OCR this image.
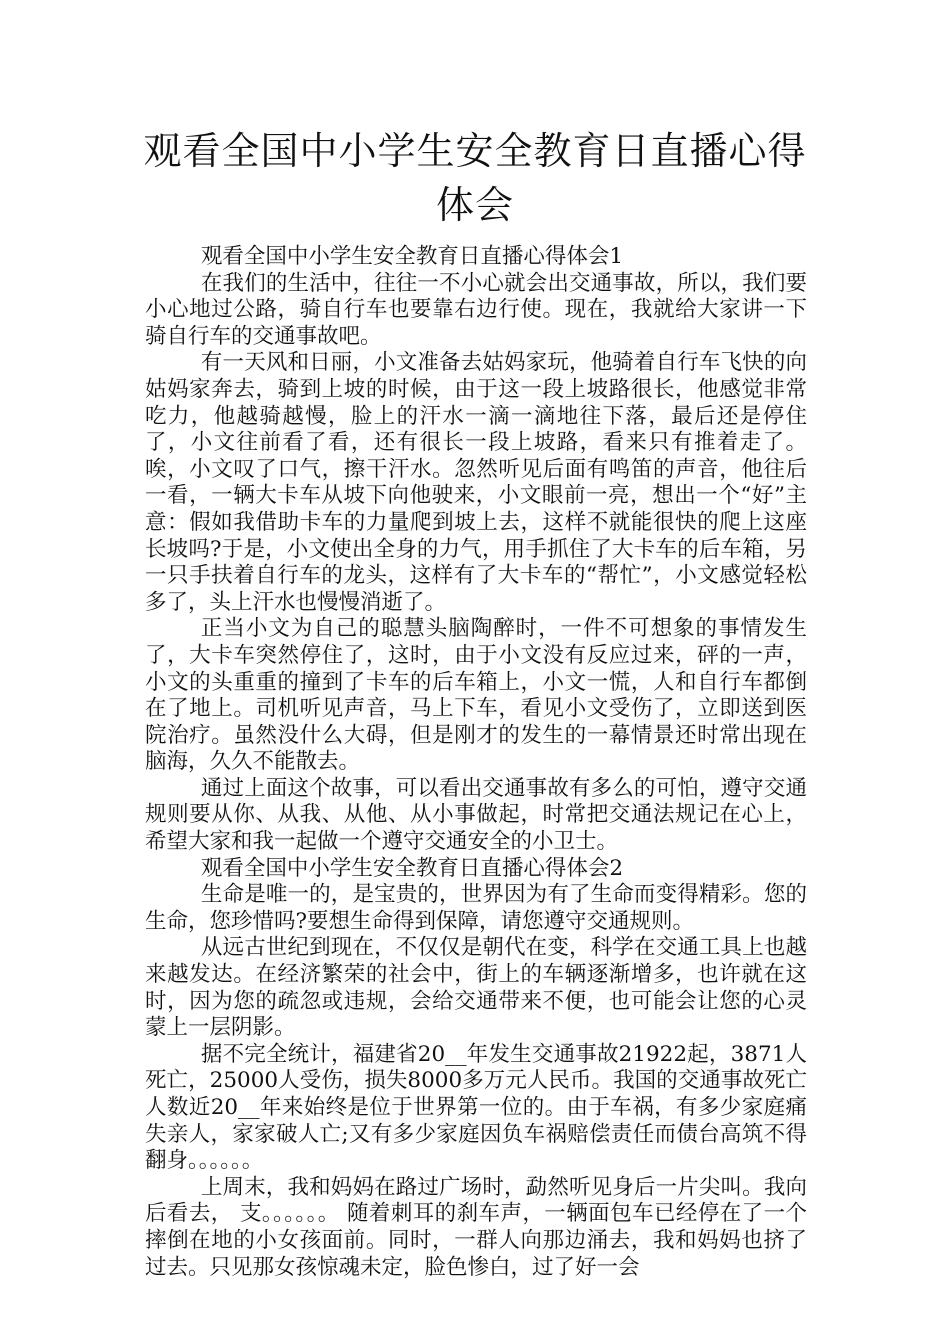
观看全国中小学生安全教育日直播心得体会

观看全国中小学生安全教育日直播心得体会1

在我们的生活中，往往一不小心就会出交通事故，所以，我们要小心地过公路，骑自行车也要靠右边行使。现在，我就给大家讲一下骑自行车的交通事故吧。

有一天风和日丽，小文准备去姑妈家玩，他骑着自行车飞快的向姑妈家奔去，骑到上坡的时候，由于这一段上坡路很长，他感觉非常吃力，他越骑越慢，脸上的汗水一滴一滴地往下落，最后还是停住了，小文往前看了看，还有很长一段上坡路，看来只有推着走了。唉，小文叹了口气，擦干汗水。忽然听见后面有鸣笛的声音，他往后一看，一辆大卡车从坡下向他驶来，小文眼前一亮，想出一个“好”主意：假如我借助卡车的力量爬到坡上去，这样不就能很快的爬上这座长坡吗?于是，小文使出全身的力气，用手抓住了大卡车的后车箱，另一只手扶着自行车的龙头，这样有了大卡车的“帮忙”，小文感觉轻松多了，头上汗水也慢慢消逝了。

正当小文为自己的聪慧头脑陶醉时，一件不可想象的事情发生了，大卡车突然停住了，这时，由于小文没有反应过来，砰的一声，小文的头重重的撞到了卡车的后车箱上，小文一慌，人和自行车都倒在了地上。司机听见声音，马上下车，看见小文受伤了，立即送到医院治疗。虽然没什么大碍，但是刚才的发生的一幕情景还时常出现在脑海，久久不能散去。

通过上面这个故事，可以看出交通事故有多么的可怕，遵守交通规则要从你、从我、从他、从小事做起，时常把交通法规记在心上，希望大家和我一起做一个遵守交通安全的小卫士。

观看全国中小学生安全教育日直播心得体会2

生命是唯一的，是宝贵的，世界因为有了生命而变得精彩。您的生命，您珍惜吗?要想生命得到保障，请您遵守交通规则。

从远古世纪到现在，不仅仅是朝代在变，科学在交通工具上也越来越发达。在经济繁荣的社会中，街上的车辆逐渐增多，也许就在这时，因为您的疏忽或违规，会给交通带来不便，也可能会让您的心灵蒙上一层阴影。

据不完全统计，福建省20__年发生交通事故21922起，3871人死亡，25000人受伤，损失8000多万元人民币。我国的交通事故死亡人数近20__年来始终是位于世界第一位的。由于车祸，有多少家庭痛失亲人，家家破人亡;又有多少家庭因负车祸赔偿责任而债台高筑不得翻身。。。。。。

上周末，我和妈妈在路过广场时，勐然听见身后一片尖叫。我向后看去， 支。。。。。。 随着刺耳的刹车声，一辆面包车已经停在了一个摔倒在地的小女孩面前。同时，一群人向那边涌去，我和妈妈也挤了过去。只见那女孩惊魂未定，脸色惨白，过了好一会
